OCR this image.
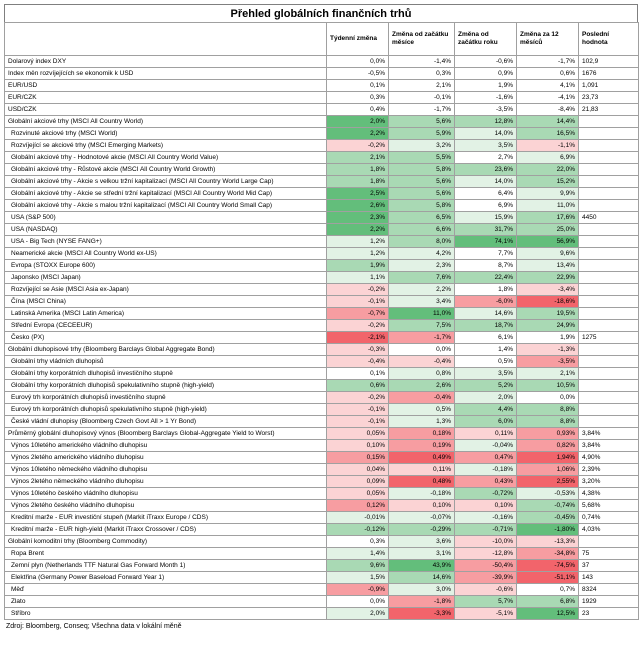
Přehled globálních finančních trhů
	Týdenní změna	Změna od začátku měsíce	Změna od začátku roku	Změna za 12 měsíců	Poslední hodnota
Dolarový index DXY	0,0%	-1,4%	-0,6%	-1,7%	102,9
Index měn rozvíjejících se ekonomik k USD	-0,5%	0,3%	0,9%	0,6%	1676
EUR/USD	0,1%	2,1%	1,9%	4,1%	1,091
EUR/CZK	0,3%	-0,1%	-1,6%	-4,1%	23,73
USD/CZK	0,4%	-1,7%	-3,5%	-8,4%	21,83
Globální akciové trhy (MSCI All Country World)	2,0%	5,6%	12,8%	14,4%	
Rozvinuté akciové trhy (MSCI World)	2,2%	5,9%	14,0%	16,5%	
Rozvíjející se akciové trhy (MSCI Emerging Markets)	-0,2%	3,2%	3,5%	-1,1%	
Globální akciové trhy - Hodnotové akcie (MSCI All Country World Value)	2,1%	5,5%	2,7%	6,9%	
Globální akciové trhy - Růstové akcie (MSCI All Country World Growth)	1,8%	5,8%	23,6%	22,0%	
Globální akciové trhy - Akcie s velkou tržní kapitalizací (MSCI All Country World Large Cap)	1,8%	5,6%	14,0%	15,2%	
Globální akciové trhy - Akcie se střední tržní kapitalizací (MSCI All Country World Mid Cap)	2,5%	5,6%	6,4%	9,9%	
Globální akciové trhy - Akcie s malou tržní kapitalizací (MSCI All Country World Small Cap)	2,6%	5,8%	6,9%	11,0%	
USA (S&P 500)	2,3%	6,5%	15,9%	17,6%	4450
USA (NASDAQ)	2,2%	6,6%	31,7%	25,0%	
USA - Big Tech (NYSE FANG+)	1,2%	8,0%	74,1%	56,9%	
Neamerické akcie (MSCI All Country World ex-US)	1,2%	4,2%	7,7%	9,6%	
Evropa (STOXX Europe 600)	1,9%	2,3%	8,7%	13,4%	
Japonsko (MSCI Japan)	1,1%	7,6%	22,4%	22,9%	
Rozvíjející se Asie (MSCI Asia ex-Japan)	-0,2%	2,2%	1,8%	-3,4%	
Čína (MSCI China)	-0,1%	3,4%	-6,0%	-18,6%	
Latinská Amerika (MSCI Latin America)	-0,7%	11,0%	14,6%	19,5%	
Střední Evropa (CECEEUR)	-0,2%	7,5%	18,7%	24,9%	
Česko (PX)	-2,1%	-1,7%	6,1%	1,9%	1275
Globální dluhopisové trhy (Bloomberg Barclays Global Aggregate Bond)	-0,3%	0,0%	1,4%	-1,3%	
Globální trhy vládních dluhopisů	-0,4%	-0,4%	0,5%	-3,5%	
Globální trhy korporátních dluhopisů investičního stupně	0,1%	0,8%	3,5%	2,1%	
Globální trhy korporátních dluhopisů spekulativního stupně (high-yield)	0,6%	2,6%	5,2%	10,5%	
Eurový trh korporátních dluhopisů investičního stupně	-0,2%	-0,4%	2,0%	0,0%	
Eurový trh korporátních dluhopisů spekulativního stupně (high-yield)	-0,1%	0,5%	4,4%	8,8%	
České vládní dluhopisy (Bloomberg Czech Govt All > 1 Yr Bond)	-0,1%	1,3%	6,0%	8,8%	
Průměrný globální dluhopisový výnos (Bloomberg Barclays Global-Aggregate Yield to Worst)	0,05%	0,18%	0,11%	0,93%	3,84%
Výnos 10letého amerického vládního dluhopisu	0,10%	0,19%	-0,04%	0,82%	3,84%
Výnos 2letého amerického vládního dluhopisu	0,15%	0,49%	0,47%	1,94%	4,90%
Výnos 10letého německého vládního dluhopisu	0,04%	0,11%	-0,18%	1,06%	2,39%
Výnos 2letého německého vládního dluhopisu	0,09%	0,48%	0,43%	2,55%	3,20%
Výnos 10letého českého vládního dluhopisu	0,05%	-0,18%	-0,72%	-0,53%	4,38%
Výnos 2letého českého vládního dluhopisu	0,12%	0,10%	0,10%	-0,74%	5,68%
Kreditní marže - EUR investiční stupeň (Markit iTraxx Europe / CDS)	-0,01%	-0,07%	-0,16%	-0,45%	0,74%
Kreditní marže - EUR high-yield (Markit iTraxx Crossover / CDS)	-0,12%	-0,29%	-0,71%	-1,80%	4,03%
Globální komoditní trhy (Bloomberg Commodity)	0,3%	3,6%	-10,0%	-13,3%	
Ropa Brent	1,4%	3,1%	-12,8%	-34,8%	75
Zemní plyn (Netherlands TTF Natural Gas Forward Month 1)	9,6%	43,9%	-50,4%	-74,5%	37
Elektřina (Germany Power Baseload Forward Year 1)	1,5%	14,6%	-39,9%	-51,1%	143
Měď	-0,9%	3,0%	-0,6%	0,7%	8324
Zlato	0,0%	-1,8%	5,7%	6,8%	1929
Stříbro	2,0%	-3,3%	-5,1%	12,5%	23
Zdroj: Bloomberg, Conseq; Všechna data v lokální měně
